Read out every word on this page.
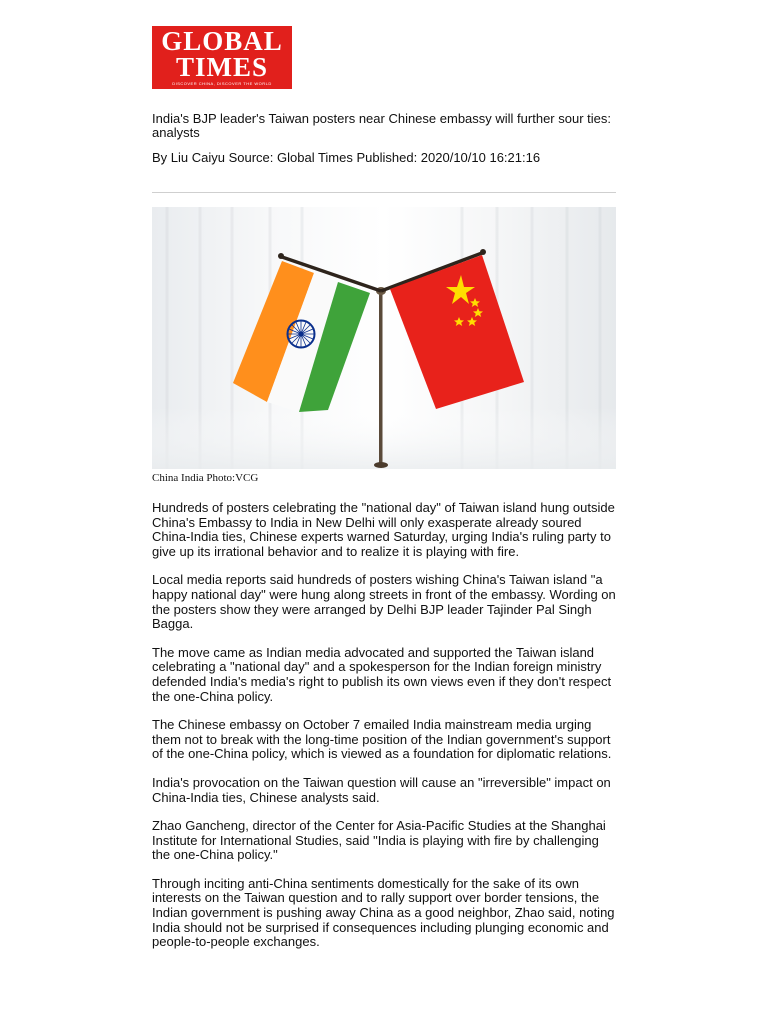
GLOBAL
TIMES
DISCOVER CHINA, DISCOVER THE WORLD
India's BJP leader's Taiwan posters near Chinese embassy will further sour ties: analysts
By Liu Caiyu Source: Global Times Published: 2020/10/10 16:21:16
China India Photo:VCG

Hundreds of posters celebrating the "national day" of Taiwan island hung outside China's Embassy to India in New Delhi will only exasperate already soured China-India ties, Chinese experts warned Saturday, urging India's ruling party to give up its irrational behavior and to realize it is playing with fire.

Local media reports said hundreds of posters wishing China's Taiwan island "a happy national day" were hung along streets in front of the embassy. Wording on the posters show they were arranged by Delhi BJP leader Tajinder Pal Singh Bagga.

The move came as Indian media advocated and supported the Taiwan island celebrating a "national day" and a spokesperson for the Indian foreign ministry defended India's media's right to publish its own views even if they don't respect the one-China policy.

The Chinese embassy on October 7 emailed India mainstream media urging them not to break with the long-time position of the Indian government's support of the one-China policy, which is viewed as a foundation for diplomatic relations.

India's provocation on the Taiwan question will cause an "irreversible" impact on China-India ties, Chinese analysts said.

Zhao Gancheng, director of the Center for Asia-Pacific Studies at the Shanghai Institute for International Studies, said "India is playing with fire by challenging the one-China policy."

Through inciting anti-China sentiments domestically for the sake of its own interests on the Taiwan question and to rally support over border tensions, the Indian government is pushing away China as a good neighbor, Zhao said, noting India should not be surprised if consequences including plunging economic and people-to-people exchanges.
